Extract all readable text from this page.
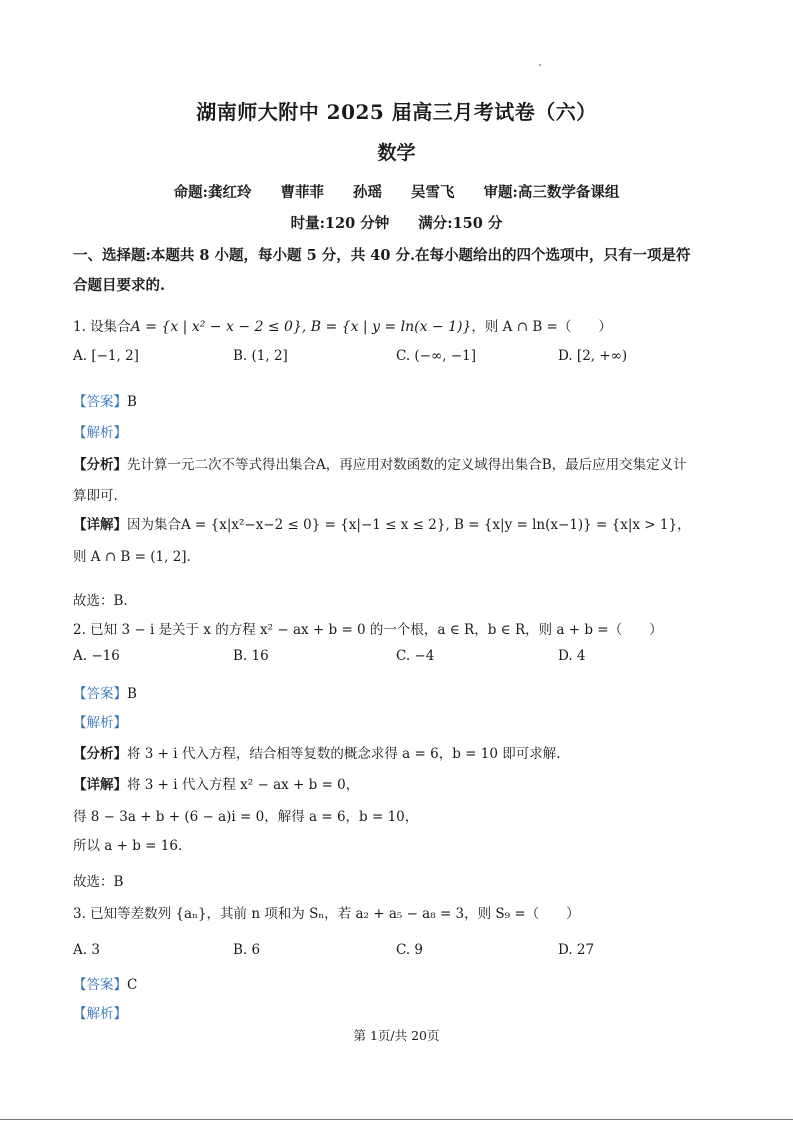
湖南师大附中 2025 届高三月考试卷（六）
数学
命题:龚红玲　　曹菲菲　　孙瑶　　吴雪飞　　审题:高三数学备课组
时量:120 分钟　　满分:150 分
一、选择题:本题共 8 小题，每小题 5 分，共 40 分.在每小题给出的四个选项中，只有一项是符
合题目要求的.
1. 设集合A = {x | x² − x − 2 ≤ 0}, B = {x | y = ln(x − 1)}，则 A ∩ B =（　　）
A. [−1, 2]	B. (1, 2]	C. (−∞, −1]	D. [2, +∞)
【答案】B
【解析】
【分析】先计算一元二次不等式得出集合A，再应用对数函数的定义域得出集合B，最后应用交集定义计
算即可.
【详解】因为集合A = {x|x²−x−2 ≤ 0} = {x|−1 ≤ x ≤ 2}, B = {x|y = ln(x−1)} = {x|x > 1}，
则 A ∩ B = (1, 2].
故选：B.
2. 已知 3 − i 是关于 x 的方程 x² − ax + b = 0 的一个根，a ∈ R，b ∈ R，则 a + b =（　　）
A. −16	B. 16	C. −4	D. 4
【答案】B
【解析】
【分析】将 3 + i 代入方程，结合相等复数的概念求得 a = 6，b = 10 即可求解.
【详解】将 3 + i 代入方程 x² − ax + b = 0，
得 8 − 3a + b + (6 − a)i = 0，解得 a = 6，b = 10，
所以 a + b = 16.
故选：B
3. 已知等差数列 {aₙ}，其前 n 项和为 Sₙ，若 a₂ + a₅ − a₈ = 3，则 S₉ =（　　）
A. 3	B. 6	C. 9	D. 27
【答案】C
【解析】
第 1页/共 20页
